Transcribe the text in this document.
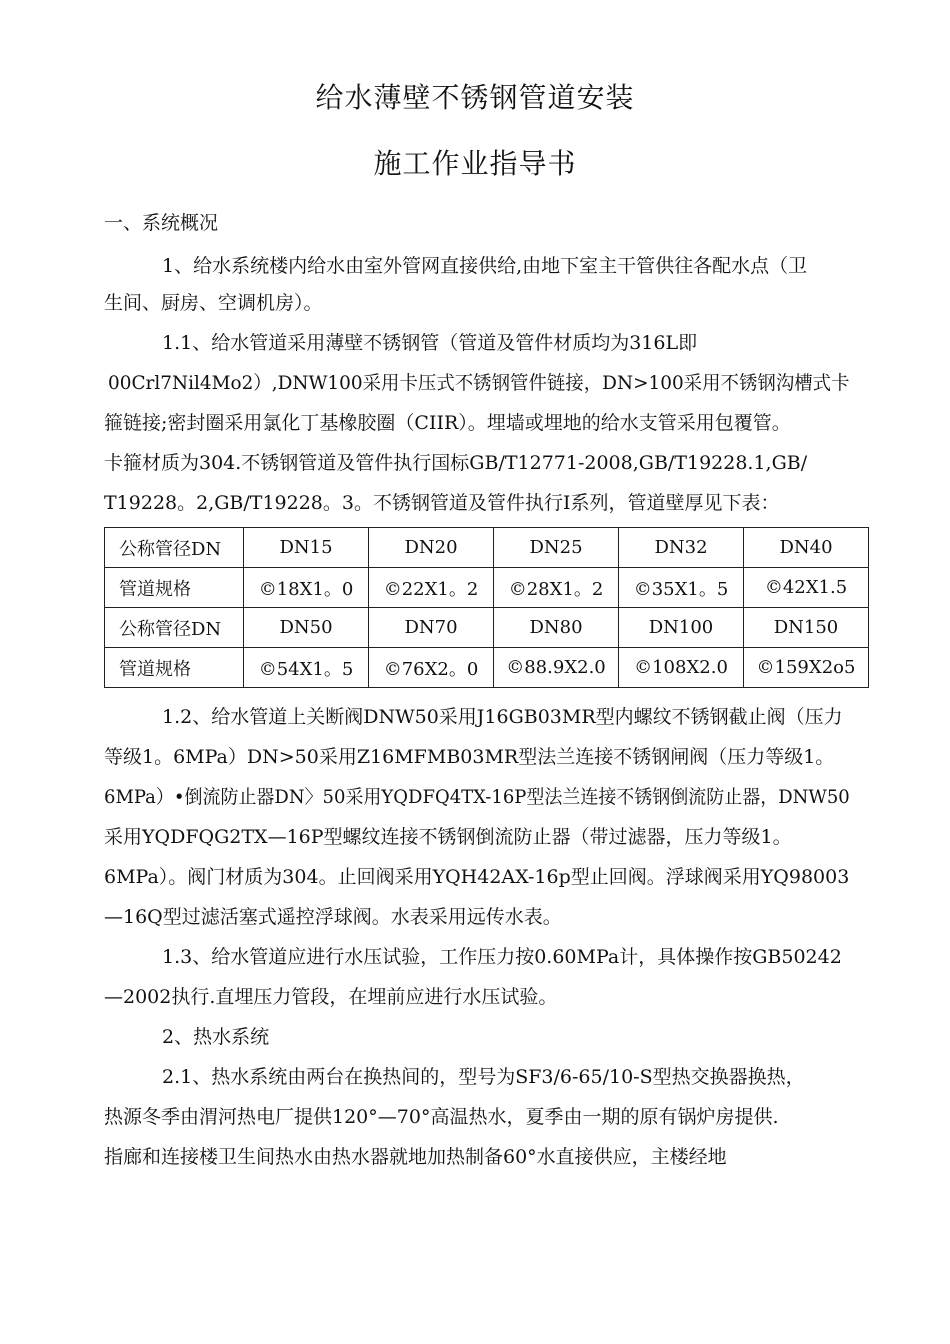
给水薄壁不锈钢管道安装
施工作业指导书
一、系统概况
1、给水系统楼内给水由室外管网直接供给,由地下室主干管供往各配水点（卫
生间、厨房、空调机房）。
1.1、给水管道采用薄壁不锈钢管（管道及管件材质均为316L即
00Crl7Nil4Mo2）,DNW100采用卡压式不锈钢管件链接，DN>100采用不锈钢沟槽式卡
箍链接;密封圈采用氯化丁基橡胶圈（CIIR）。埋墙或埋地的给水支管采用包覆管。
卡箍材质为304.不锈钢管道及管件执行国标GB/T12771-2008,GB/T19228.1,GB/
T19228。2,GB/T19228。3。不锈钢管道及管件执行I系列，管道壁厚见下表：
公称管径DN	DN15	DN20	DN25	DN32	DN40
管道规格	©18X1。0	©22X1。2	©28X1。2	©35X1。5	©42X1.5
公称管径DN	DN50	DN70	DN80	DN100	DN150
管道规格	©54X1。5	©76X2。0	©88.9X2.0	©108X2.0	©159X2o5
1.2、给水管道上关断阀DNW50采用J16GB03MR型内螺纹不锈钢截止阀（压力
等级1。6MPa）DN>50采用Z16MFMB03MR型法兰连接不锈钢闸阀（压力等级1。
6MPa）•倒流防止器DN〉50采用YQDFQ4TX-16P型法兰连接不锈钢倒流防止器，DNW50
采用YQDFQG2TX—16P型螺纹连接不锈钢倒流防止器（带过滤器，压力等级1。
6MPa）。阀门材质为304。止回阀采用YQH42AX-16p型止回阀。浮球阀采用YQ98003
—16Q型过滤活塞式遥控浮球阀。水表采用远传水表。
1.3、给水管道应进行水压试验，工作压力按0.60MPa计，具体操作按GB50242
—2002执行.直埋压力管段，在埋前应进行水压试验。
2、热水系统
2.1、热水系统由两台在换热间的，型号为SF3/6-65/10-S型热交换器换热，
热源冬季由渭河热电厂提供120°—70°高温热水，夏季由一期的原有锅炉房提供.
指廊和连接楼卫生间热水由热水器就地加热制备60°水直接供应，主楼经地
